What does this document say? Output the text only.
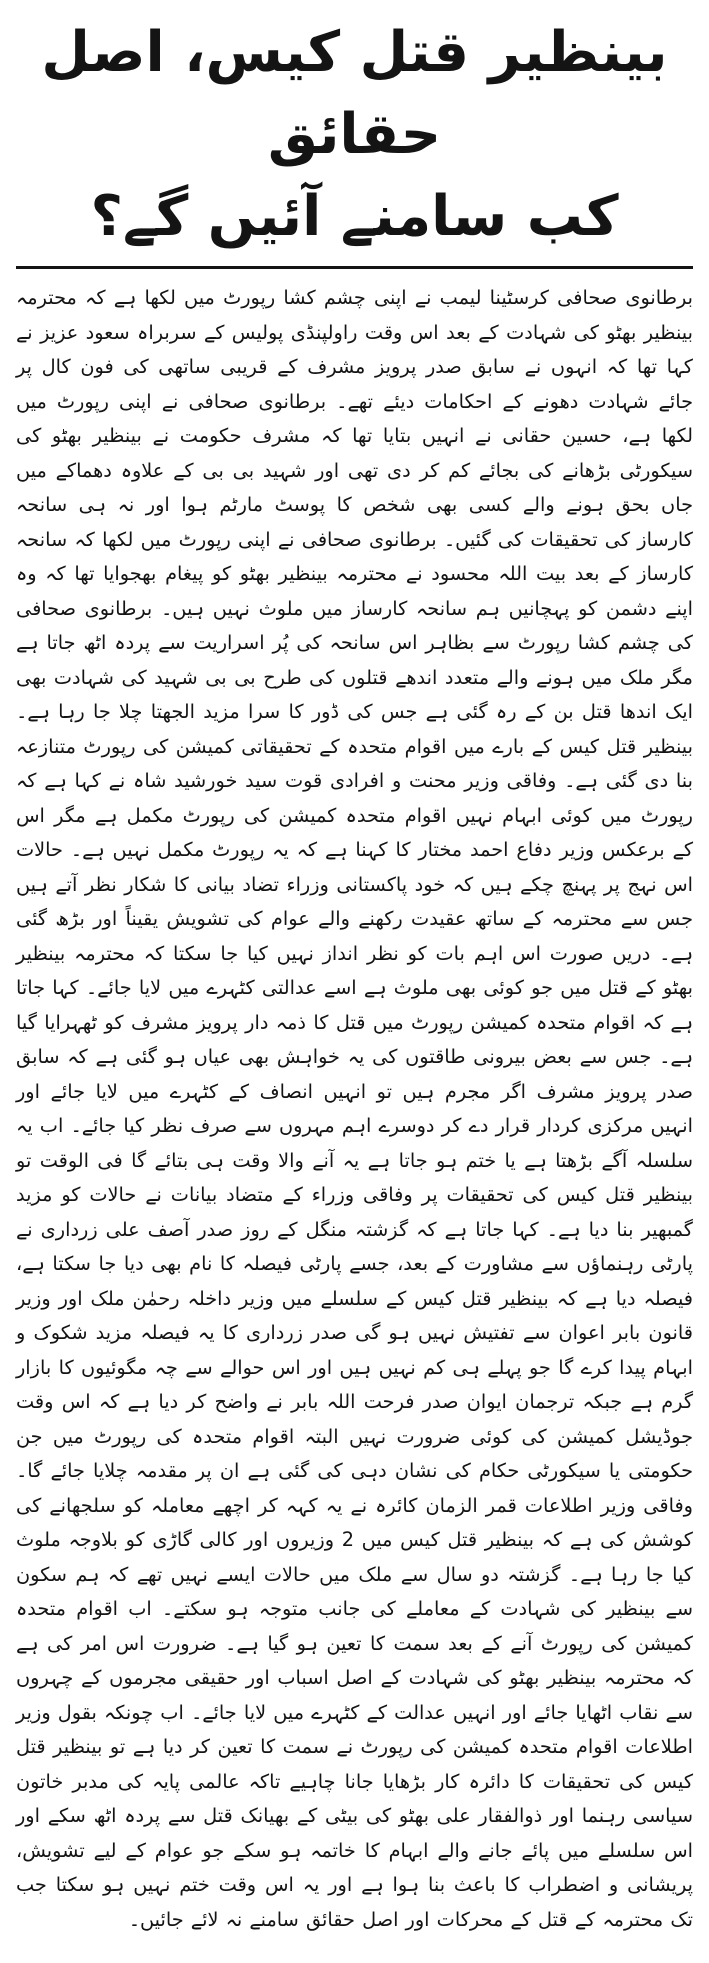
بینظیر قتل کیس، اصل حقائق
کب سامنے آئیں گے؟

برطانوی صحافی کرسٹینا لیمب نے اپنی چشم کشا رپورٹ میں لکھا ہے کہ محترمہ بینظیر بھٹو کی شہادت کے بعد اس وقت راولپنڈی پولیس کے سربراہ سعود عزیز نے کہا تھا کہ انہوں نے سابق صدر پرویز مشرف کے قریبی ساتھی کی فون کال پر جائے شہادت دھونے کے احکامات دیئے تھے۔ برطانوی صحافی نے اپنی رپورٹ میں لکھا ہے، حسین حقانی نے انہیں بتایا تھا کہ مشرف حکومت نے بینظیر بھٹو کی سیکورٹی بڑھانے کی بجائے کم کر دی تھی اور شہید بی بی کے علاوہ دھماکے میں جاں بحق ہونے والے کسی بھی شخص کا پوسٹ مارٹم ہوا اور نہ ہی سانحہ کارساز کی تحقیقات کی گئیں۔ برطانوی صحافی نے اپنی رپورٹ میں لکھا کہ سانحہ کارساز کے بعد بیت اللہ محسود نے محترمہ بینظیر بھٹو کو پیغام بھجوایا تھا کہ وہ اپنے دشمن کو پہچانیں ہم سانحہ کارساز میں ملوث نہیں ہیں۔ برطانوی صحافی کی چشم کشا رپورٹ سے بظاہر اس سانحہ کی پُر اسراریت سے پردہ اٹھ جاتا ہے مگر ملک میں ہونے والے متعدد اندھے قتلوں کی طرح بی بی شہید کی شہادت بھی ایک اندھا قتل بن کے رہ گئی ہے جس کی ڈور کا سرا مزید الجھتا چلا جا رہا ہے۔ بینظیر قتل کیس کے بارے میں اقوام متحدہ کے تحقیقاتی کمیشن کی رپورٹ متنازعہ بنا دی گئی ہے۔ وفاقی وزیر محنت و افرادی قوت سید خورشید شاہ نے کہا ہے کہ رپورٹ میں کوئی ابہام نہیں اقوام متحدہ کمیشن کی رپورٹ مکمل ہے مگر اس کے برعکس وزیر دفاع احمد مختار کا کہنا ہے کہ یہ رپورٹ مکمل نہیں ہے۔ حالات اس نہج پر پہنچ چکے ہیں کہ خود پاکستانی وزراء تضاد بیانی کا شکار نظر آتے ہیں جس سے محترمہ کے ساتھ عقیدت رکھنے والے عوام کی تشویش یقیناً اور بڑھ گئی ہے۔ دریں صورت اس اہم بات کو نظر انداز نہیں کیا جا سکتا کہ محترمہ بینظیر بھٹو کے قتل میں جو کوئی بھی ملوث ہے اسے عدالتی کٹہرے میں لایا جائے۔ کہا جاتا ہے کہ اقوام متحدہ کمیشن رپورٹ میں قتل کا ذمہ دار پرویز مشرف کو ٹھہرایا گیا ہے۔ جس سے بعض بیرونی طاقتوں کی یہ خواہش بھی عیاں ہو گئی ہے کہ سابق صدر پرویز مشرف اگر مجرم ہیں تو انہیں انصاف کے کٹہرے میں لایا جائے اور انہیں مرکزی کردار قرار دے کر دوسرے اہم مہروں سے صرف نظر کیا جائے۔ اب یہ سلسلہ آگے بڑھتا ہے یا ختم ہو جاتا ہے یہ آنے والا وقت ہی بتائے گا فی الوقت تو بینظیر قتل کیس کی تحقیقات پر وفاقی وزراء کے متضاد بیانات نے حالات کو مزید گمبھیر بنا دیا ہے۔ کہا جاتا ہے کہ گزشتہ منگل کے روز صدر آصف علی زرداری نے پارٹی رہنماؤں سے مشاورت کے بعد، جسے پارٹی فیصلہ کا نام بھی دیا جا سکتا ہے، فیصلہ دیا ہے کہ بینظیر قتل کیس کے سلسلے میں وزیر داخلہ رحمٰن ملک اور وزیر قانون بابر اعوان سے تفتیش نہیں ہو گی صدر زرداری کا یہ فیصلہ مزید شکوک و ابہام پیدا کرے گا جو پہلے ہی کم نہیں ہیں اور اس حوالے سے چہ مگوئیوں کا بازار گرم ہے جبکہ ترجمان ایوان صدر فرحت اللہ بابر نے واضح کر دیا ہے کہ اس وقت جوڈیشل کمیشن کی کوئی ضرورت نہیں البتہ اقوام متحدہ کی رپورٹ میں جن حکومتی یا سیکورٹی حکام کی نشان دہی کی گئی ہے ان پر مقدمہ چلایا جائے گا۔ وفاقی وزیر اطلاعات قمر الزمان کائرہ نے یہ کہہ کر اچھے معاملہ کو سلجھانے کی کوشش کی ہے کہ بینظیر قتل کیس میں 2 وزیروں اور کالی گاڑی کو بلاوجہ ملوث کیا جا رہا ہے۔ گزشتہ دو سال سے ملک میں حالات ایسے نہیں تھے کہ ہم سکون سے بینظیر کی شہادت کے معاملے کی جانب متوجہ ہو سکتے۔ اب اقوام متحدہ کمیشن کی رپورٹ آنے کے بعد سمت کا تعین ہو گیا ہے۔ ضرورت اس امر کی ہے کہ محترمہ بینظیر بھٹو کی شہادت کے اصل اسباب اور حقیقی مجرموں کے چہروں سے نقاب اٹھایا جائے اور انہیں عدالت کے کٹہرے میں لایا جائے۔ اب چونکہ بقول وزیر اطلاعات اقوام متحدہ کمیشن کی رپورٹ نے سمت کا تعین کر دیا ہے تو بینظیر قتل کیس کی تحقیقات کا دائرہ کار بڑھایا جانا چاہیے تاکہ عالمی پایہ کی مدبر خاتون سیاسی رہنما اور ذوالفقار علی بھٹو کی بیٹی کے بھیانک قتل سے پردہ اٹھ سکے اور اس سلسلے میں پائے جانے والے ابہام کا خاتمہ ہو سکے جو عوام کے لیے تشویش، پریشانی و اضطراب کا باعث بنا ہوا ہے اور یہ اس وقت ختم نہیں ہو سکتا جب تک محترمہ کے قتل کے محرکات اور اصل حقائق سامنے نہ لائے جائیں۔
